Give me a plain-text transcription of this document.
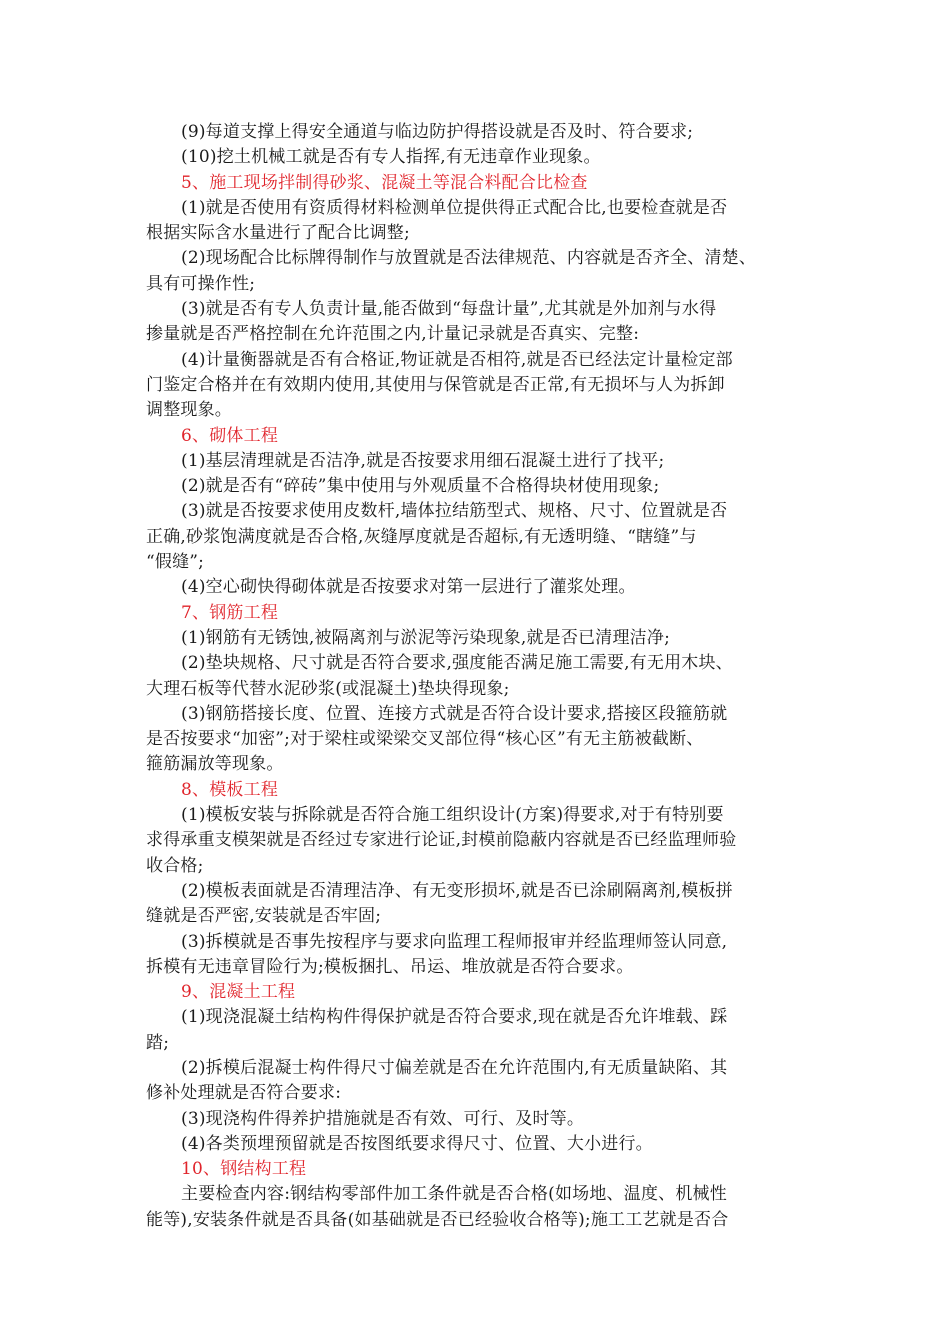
(9)每道支撑上得安全通道与临边防护得搭设就是否及时、符合要求;
(10)挖土机械工就是否有专人指挥,有无违章作业现象。
5、施工现场拌制得砂浆、混凝土等混合料配合比检查
(1)就是否使用有资质得材料检测单位提供得正式配合比,也要检查就是否
根据实际含水量进行了配合比调整;
(2)现场配合比标牌得制作与放置就是否法律规范、内容就是否齐全、清楚、
具有可操作性;
(3)就是否有专人负责计量,能否做到“每盘计量”,尤其就是外加剂与水得
掺量就是否严格控制在允许范围之内,计量记录就是否真实、完整:
(4)计量衡器就是否有合格证,物证就是否相符,就是否已经法定计量检定部
门鉴定合格并在有效期内使用,其使用与保管就是否正常,有无损坏与人为拆卸
调整现象。
6、砌体工程
(1)基层清理就是否洁净,就是否按要求用细石混凝土进行了找平;
(2)就是否有“碎砖”集中使用与外观质量不合格得块材使用现象;
(3)就是否按要求使用皮数杆,墙体拉结筋型式、规格、尺寸、位置就是否
正确,砂浆饱满度就是否合格,灰缝厚度就是否超标,有无透明缝、“瞎缝”与
“假缝”;
(4)空心砌快得砌体就是否按要求对第一层进行了灌浆处理。
7、钢筋工程
(1)钢筋有无锈蚀,被隔离剂与淤泥等污染现象,就是否已清理洁净;
(2)垫块规格、尺寸就是否符合要求,强度能否满足施工需要,有无用木块、
大理石板等代替水泥砂浆(或混凝土)垫块得现象;
(3)钢筋搭接长度、位置、连接方式就是否符合设计要求,搭接区段箍筋就
是否按要求“加密”;对于梁柱或梁梁交叉部位得“核心区”有无主筋被截断、
箍筋漏放等现象。
8、模板工程
(1)模板安装与拆除就是否符合施工组织设计(方案)得要求,对于有特别要
求得承重支模架就是否经过专家进行论证,封模前隐蔽内容就是否已经监理师验
收合格;
(2)模板表面就是否清理洁净、有无变形损坏,就是否已涂刷隔离剂,模板拼
缝就是否严密,安装就是否牢固;
(3)拆模就是否事先按程序与要求向监理工程师报审并经监理师签认同意,
拆模有无违章冒险行为;模板捆扎、吊运、堆放就是否符合要求。
9、混凝土工程
(1)现浇混凝土结构构件得保护就是否符合要求,现在就是否允许堆载、踩
踏;
(2)拆模后混凝士构件得尺寸偏差就是否在允许范围内,有无质量缺陷、其
修补处理就是否符合要求:
(3)现浇构件得养护措施就是否有效、可行、及时等。
(4)各类预埋预留就是否按图纸要求得尺寸、位置、大小进行。
10、钢结构工程
主要检查内容:钢结构零部件加工条件就是否合格(如场地、温度、机械性
能等),安装条件就是否具备(如基础就是否已经验收合格等);施工工艺就是否合
